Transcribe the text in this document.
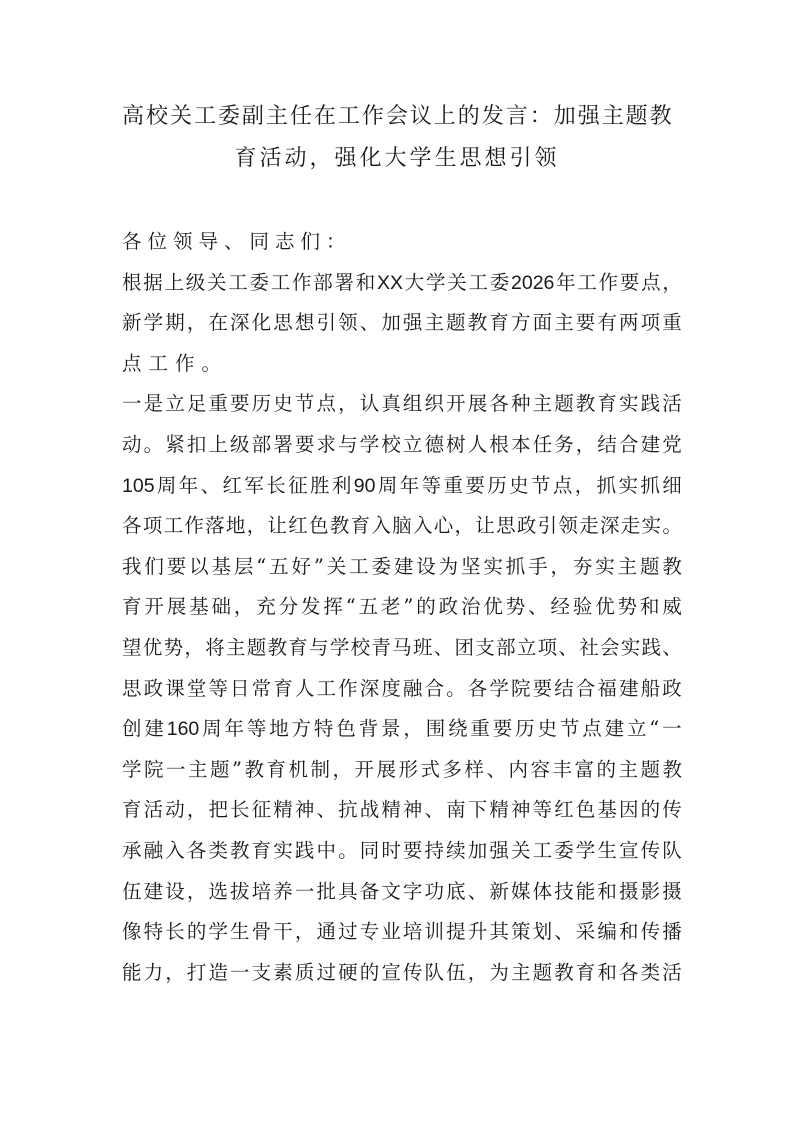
高 校 关 工 委 副 主 任 在 工 作 会 议 上 的 发 言 ： 加 强 主 题 教
育活动，强化大学生思想引领
各位领导、同志们：
根 据 上 级 关 工 委 工 作 部 署 和 XX 大 学 关 工 委 2026 年 工 作 要 点 ，
新 学 期 ， 在 深 化 思 想 引 领 、 加 强 主 题 教 育 方 面 主 要 有 两 项 重
点工作。
一 是 立 足 重 要 历 史 节 点 ， 认 真 组 织 开 展 各 种 主 题 教 育 实 践 活
动 。 紧 扣 上 级 部 署 要 求 与 学 校 立 德 树 人 根 本 任 务 ， 结 合 建 党
105 周 年 、 红 军 长 征 胜 利 90 周 年 等 重 要 历 史 节 点 ， 抓 实 抓 细
各 项 工 作 落 地 ， 让 红 色 教 育 入 脑 入 心 ， 让 思 政 引 领 走 深 走 实 。
我 们 要 以 基 层 “ 五 好 ” 关 工 委 建 设 为 坚 实 抓 手 ， 夯 实 主 题 教
育 开 展 基 础 ， 充 分 发 挥 “ 五 老 ” 的 政 治 优 势 、 经 验 优 势 和 威
望 优 势 ， 将 主 题 教 育 与 学 校 青 马 班 、 团 支 部 立 项 、 社 会 实 践 、
思 政 课 堂 等 日 常 育 人 工 作 深 度 融 合 。 各 学 院 要 结 合 福 建 船 政
创 建 160 周 年 等 地 方 特 色 背 景 ， 围 绕 重 要 历 史 节 点 建 立 “ 一
学 院 一 主 题 ” 教 育 机 制 ， 开 展 形 式 多 样 、 内 容 丰 富 的 主 题 教
育 活 动 ， 把 长 征 精 神 、 抗 战 精 神 、 南 下 精 神 等 红 色 基 因 的 传
承 融 入 各 类 教 育 实 践 中 。 同 时 要 持 续 加 强 关 工 委 学 生 宣 传 队
伍 建 设 ， 选 拔 培 养 一 批 具 备 文 字 功 底 、 新 媒 体 技 能 和 摄 影 摄
像 特 长 的 学 生 骨 干 ， 通 过 专 业 培 训 提 升 其 策 划 、 采 编 和 传 播
能 力 ， 打 造 一 支 素 质 过 硬 的 宣 传 队 伍 ， 为 主 题 教 育 和 各 类 活
